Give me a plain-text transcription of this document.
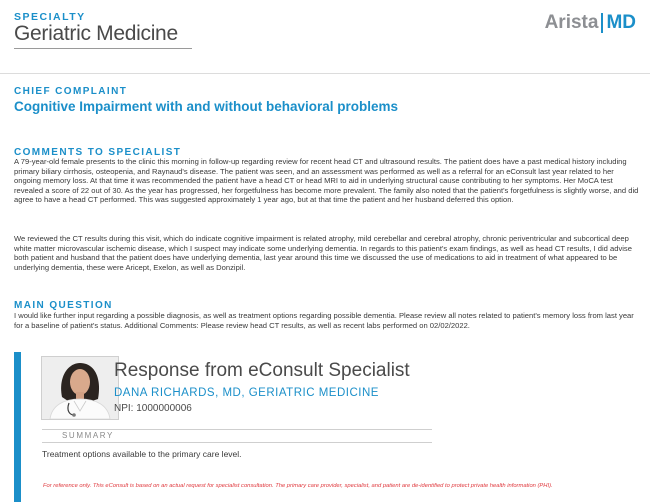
SPECIALTY
Geriatric Medicine	Arista MD
CHIEF COMPLAINT
Cognitive Impairment with and without behavioral problems
COMMENTS TO SPECIALIST
A 79-year-old female presents to the clinic this morning in follow-up regarding review for recent head CT and ultrasound results. The patient does have a past medical history including primary biliary cirrhosis, osteopenia, and Raynaud's disease. The patient was seen, and an assessment was performed as well as a referral for an eConsult last year related to her ongoing memory loss. At that time it was recommended the patient have a head CT or head MRI to aid in underlying structural cause contributing to her symptoms. Her MoCA test revealed a score of 22 out of 30. As the year has progressed, her forgetfulness has become more prevalent. The family also noted that the patient's forgetfulness is slightly worse, and did agree to have a head CT performed. This was suggested approximately 1 year ago, but at that time the patient and her husband deferred this option.
We reviewed the CT results during this visit, which do indicate cognitive impairment is related atrophy, mild cerebellar and cerebral atrophy, chronic periventricular and subcortical deep white matter microvascular ischemic disease, which I suspect may indicate some underlying dementia. In regards to this patient's exam findings, as well as head CT results, I did advise both patient and husband that the patient does have underlying dementia, last year around this time we discussed the use of medications to aid in treatment of what appeared to be underlying dementia, these were Aricept, Exelon, as well as Donzipil.
MAIN QUESTION
I would like further input regarding a possible diagnosis, as well as treatment options regarding possible dementia. Please review all notes related to patient's memory loss from last year for a baseline of patient's status. Additional Comments: Please review head CT results, as well as recent labs performed on 02/02/2022.
Response from eConsult Specialist
DANA RICHARDS, MD, GERIATRIC MEDICINE
NPI: 1000000006
SUMMARY
Treatment options available to the primary care level.
For reference only. This eConsult is based on an actual request for specialist consultation. The primary care provider, specialist, and patient are de-identified to protect private health information (PHI).
